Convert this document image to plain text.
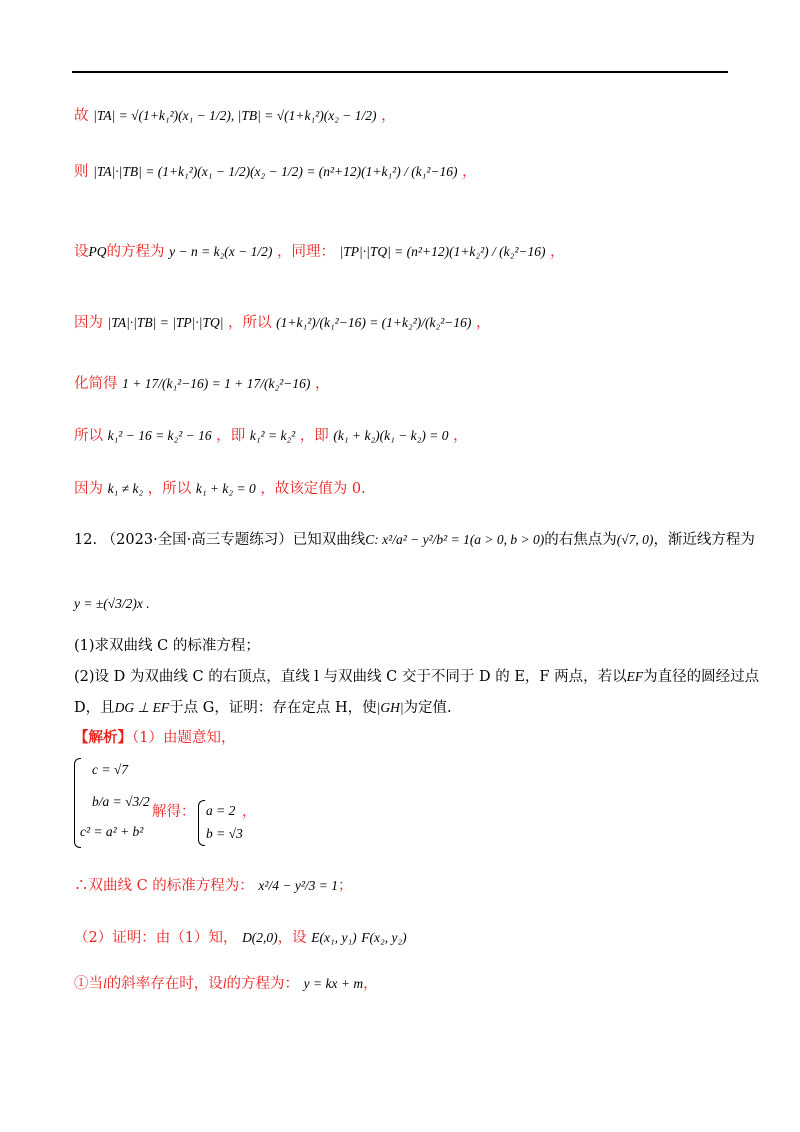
故 |TA| = √(1+k₁²)(x₁ − 1/2), |TB| = √(1+k₁²)(x₂ − 1/2) ，
则 |TA|·|TB| = (1+k₁²)(x₁ − 1/2)(x₂ − 1/2) = (n²+12)(1+k₁²) / (k₁²−16) ，
设PQ的方程为 y − n = k₂(x − 1/2) ，同理： |TP|·|TQ| = (n²+12)(1+k₂²) / (k₂²−16) ，
因为 |TA|·|TB| = |TP|·|TQ| ，所以 (1+k₁²)/(k₁²−16) = (1+k₂²)/(k₂²−16) ，
化简得 1 + 17/(k₁²−16) = 1 + 17/(k₂²−16) ，
所以 k₁² − 16 = k₂² − 16 ，即 k₁² = k₂² ，即 (k₁ + k₂)(k₁ − k₂) = 0 ，
因为 k₁ ≠ k₂ ，所以 k₁ + k₂ = 0 ，故该定值为 0.
12. （2023·全国·高三专题练习）已知双曲线C: x²/a² − y²/b² = 1(a > 0, b > 0)的右焦点为(√7, 0)，渐近线方程为
y = ±(√3/2)x .
(1)求双曲线 C 的标准方程；
(2)设 D 为双曲线 C 的右顶点，直线 l 与双曲线 C 交于不同于 D 的 E，F 两点，若以EF为直径的圆经过点
D，且DG ⊥ EF于点 G，证明：存在定点 H，使|GH|为定值.
【解析】（1）由题意知，
c = √7
b/a = √3/2
c² = a² + b²
解得： a = 2
b = √3
，
∴双曲线 C 的标准方程为： x²/4 − y²/3 = 1；
（2）证明：由（1）知， D(2,0)，设 E(x₁, y₁) F(x₂, y₂)
①当l的斜率存在时，设l的方程为： y = kx + m，
